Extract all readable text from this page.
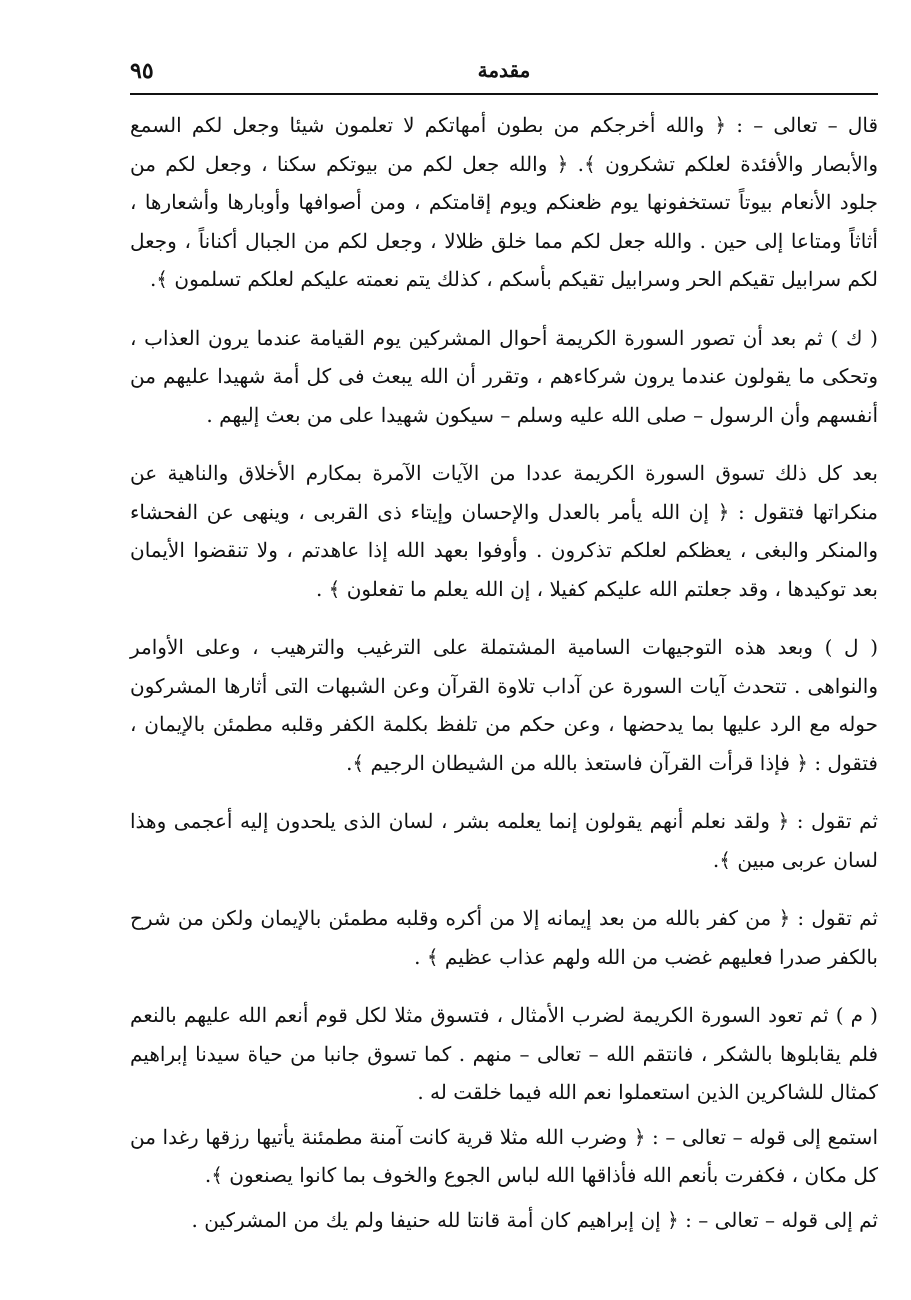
مقدمة
٩٥

قال – تعالى – : ﴿ والله أخرجكم من بطون أمهاتكم لا تعلمون شيئا وجعل لكم السمع والأبصار والأفئدة لعلكم تشكرون ﴾. ﴿ والله جعل لكم من بيوتكم سكنا ، وجعل لكم من جلود الأنعام بيوتاً تستخفونها يوم ظعنكم ويوم إقامتكم ، ومن أصوافها وأوبارها وأشعارها ، أثاثاً ومتاعا إلى حين . والله جعل لكم مما خلق ظلالا ، وجعل لكم من الجبال أكناناً ، وجعل لكم سرابيل تقيكم الحر وسرابيل تقيكم بأسكم ، كذلك يتم نعمته عليكم لعلكم تسلمون ﴾.

( ك ) ثم بعد أن تصور السورة الكريمة أحوال المشركين يوم القيامة عندما يرون العذاب ، وتحكى ما يقولون عندما يرون شركاءهم ، وتقرر أن الله يبعث فى كل أمة شهيدا عليهم من أنفسهم وأن الرسول – صلى الله عليه وسلم – سيكون شهيدا على من بعث إليهم .

بعد كل ذلك تسوق السورة الكريمة عددا من الآيات الآمرة بمكارم الأخلاق والناهية عن منكراتها فتقول : ﴿ إن الله يأمر بالعدل والإحسان وإيتاء ذى القربى ، وينهى عن الفحشاء والمنكر والبغى ، يعظكم لعلكم تذكرون . وأوفوا بعهد الله إذا عاهدتم ، ولا تنقضوا الأيمان بعد توكيدها ، وقد جعلتم الله عليكم كفيلا ، إن الله يعلم ما تفعلون ﴾ .

( ل ) وبعد هذه التوجيهات السامية المشتملة على الترغيب والترهيب ، وعلى الأوامر والنواهى . تتحدث آيات السورة عن آداب تلاوة القرآن وعن الشبهات التى أثارها المشركون حوله مع الرد عليها بما يدحضها ، وعن حكم من تلفظ بكلمة الكفر وقلبه مطمئن بالإيمان ، فتقول : ﴿ فإذا قرأت القرآن فاستعذ بالله من الشيطان الرجيم ﴾.

ثم تقول : ﴿ ولقد نعلم أنهم يقولون إنما يعلمه بشر ، لسان الذى يلحدون إليه أعجمى وهذا لسان عربى مبين ﴾.

ثم تقول : ﴿ من كفر بالله من بعد إيمانه إلا من أكره وقلبه مطمئن بالإيمان ولكن من شرح بالكفر صدرا فعليهم غضب من الله ولهم عذاب عظيم ﴾ .

( م ) ثم تعود السورة الكريمة لضرب الأمثال ، فتسوق مثلا لكل قوم أنعم الله عليهم بالنعم فلم يقابلوها بالشكر ، فانتقم الله – تعالى – منهم . كما تسوق جانبا من حياة سيدنا إبراهيم كمثال للشاكرين الذين استعملوا نعم الله فيما خلقت له .

استمع إلى قوله – تعالى – : ﴿ وضرب الله مثلا قرية كانت آمنة مطمئنة يأتيها رزقها رغدا من كل مكان ، فكفرت بأنعم الله فأذاقها الله لباس الجوع والخوف بما كانوا يصنعون ﴾.

ثم إلى قوله – تعالى – : ﴿ إن إبراهيم كان أمة قانتا لله حنيفا ولم يك من المشركين .
